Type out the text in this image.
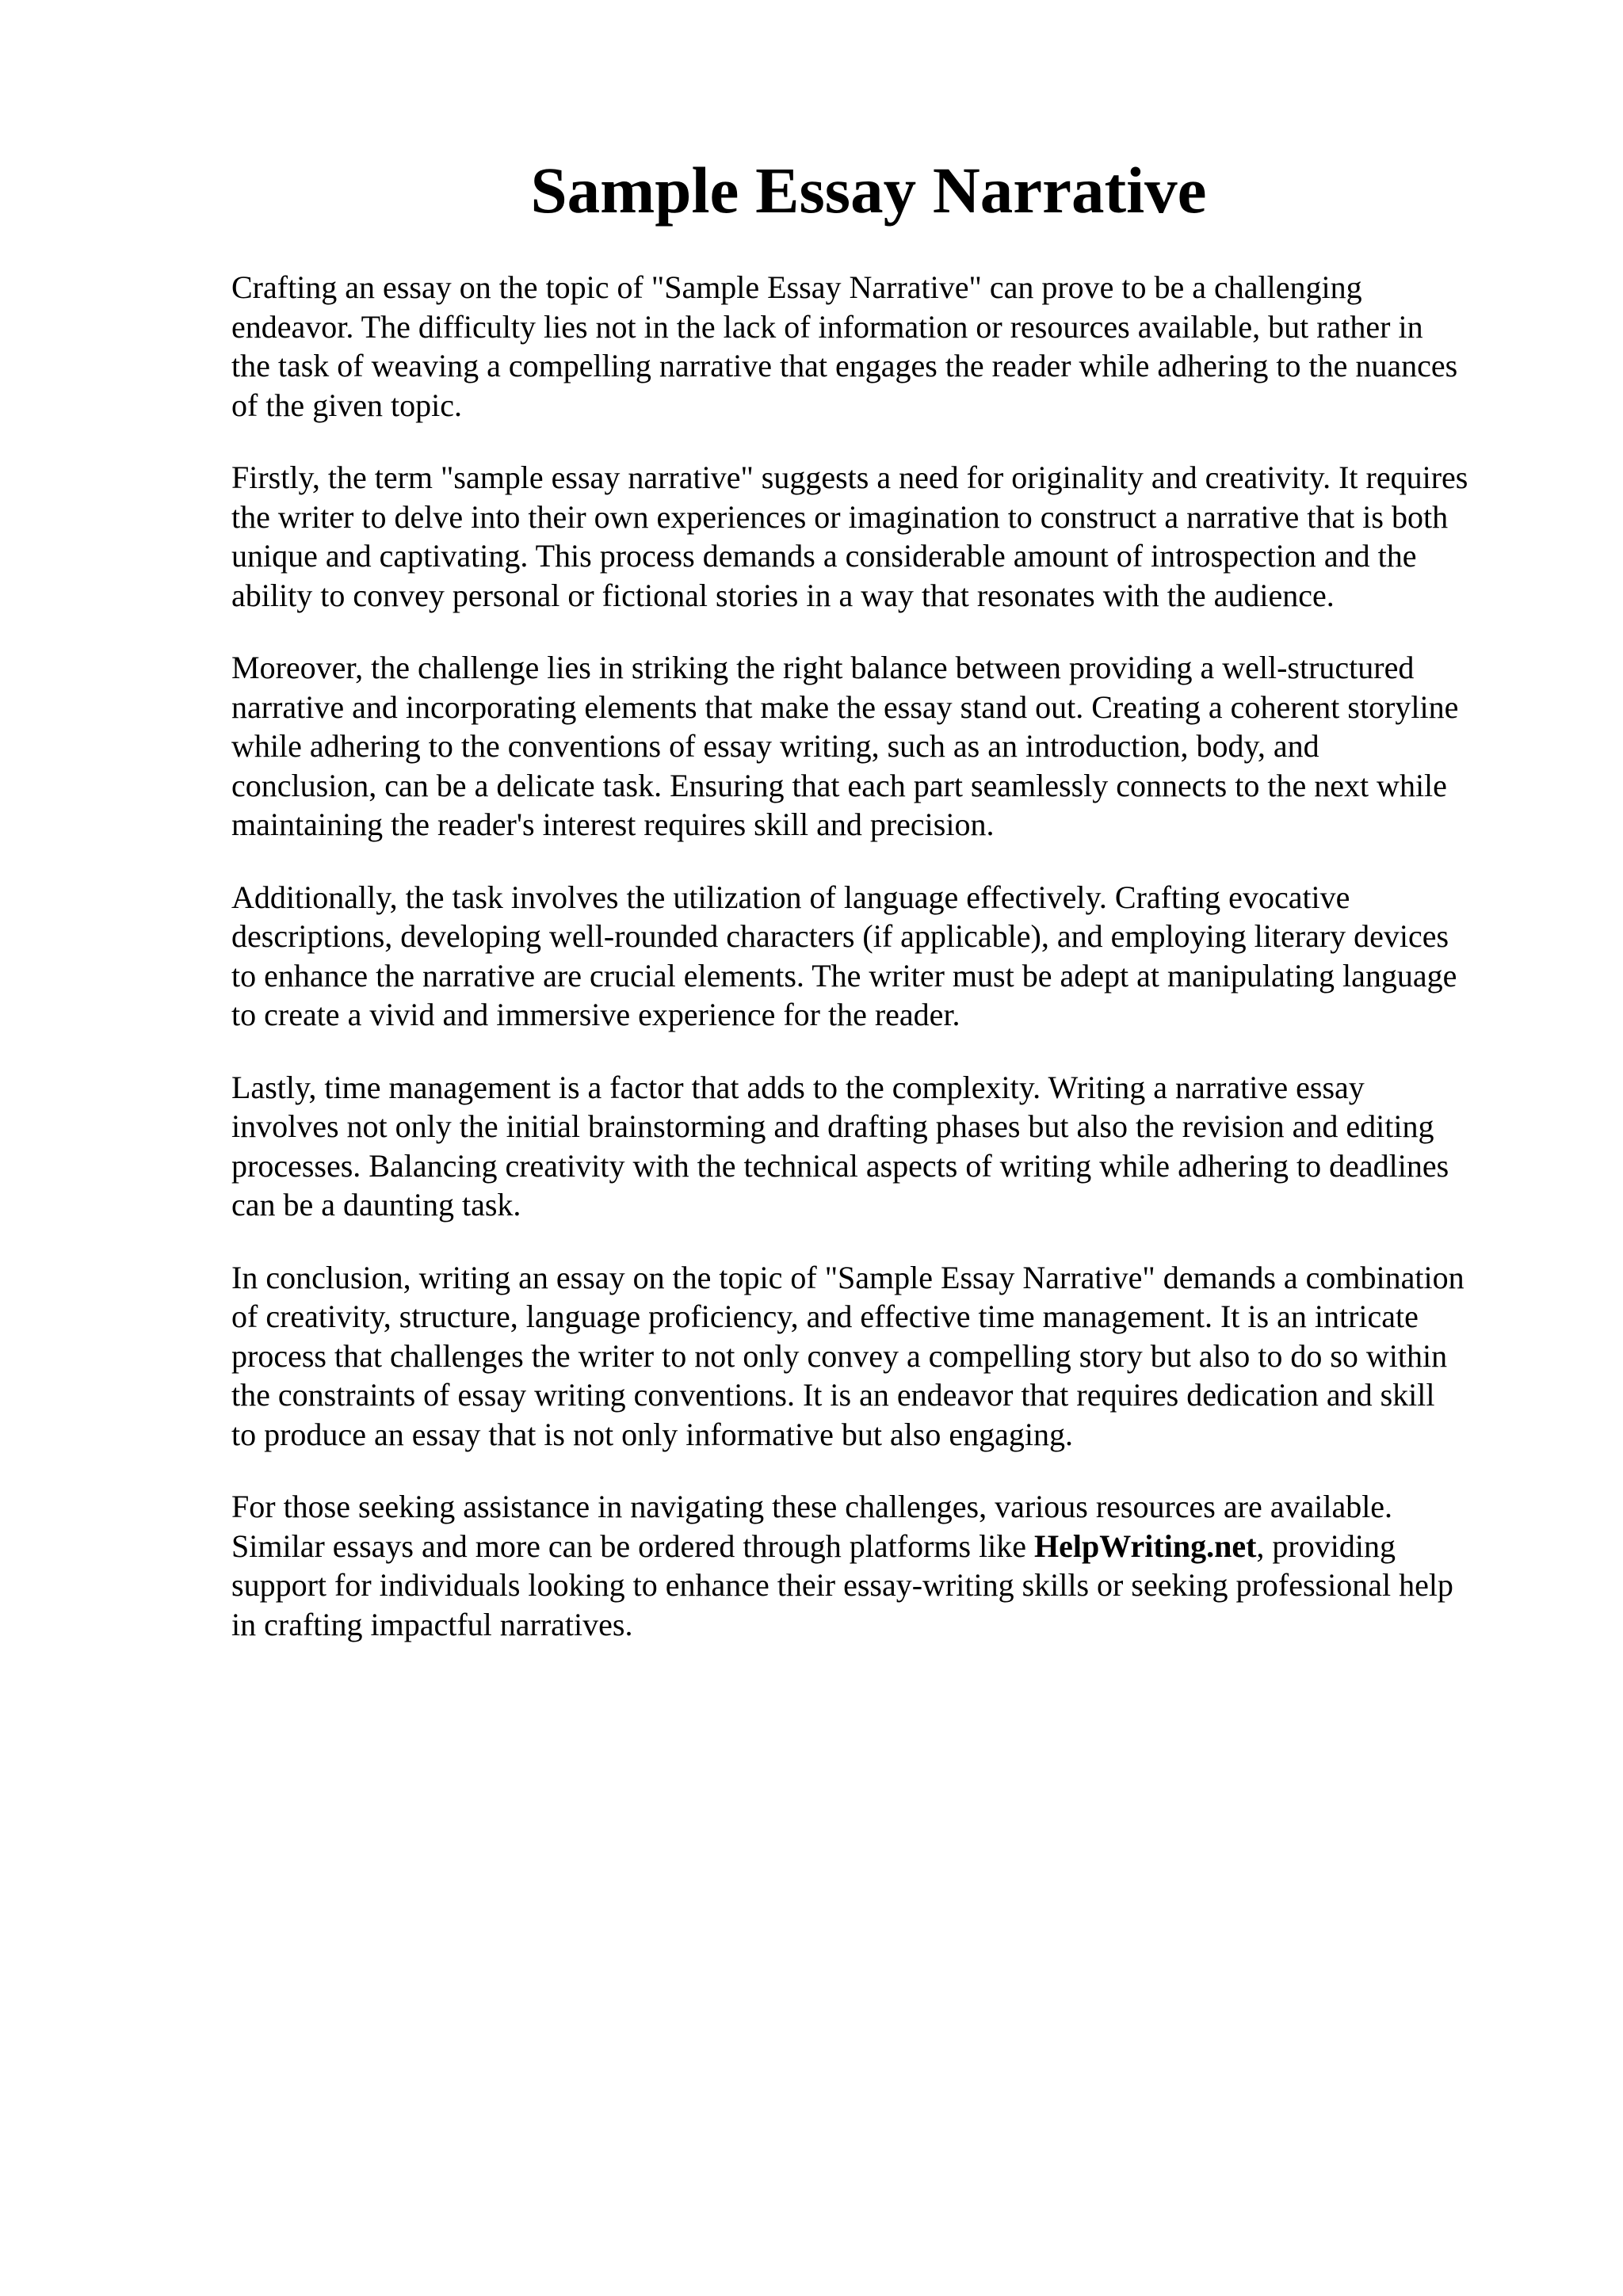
Sample Essay Narrative

Crafting an essay on the topic of "Sample Essay Narrative" can prove to be a challenging
endeavor. The difficulty lies not in the lack of information or resources available, but rather in
the task of weaving a compelling narrative that engages the reader while adhering to the nuances
of the given topic.

Firstly, the term "sample essay narrative" suggests a need for originality and creativity. It requires
the writer to delve into their own experiences or imagination to construct a narrative that is both
unique and captivating. This process demands a considerable amount of introspection and the
ability to convey personal or fictional stories in a way that resonates with the audience.

Moreover, the challenge lies in striking the right balance between providing a well-structured
narrative and incorporating elements that make the essay stand out. Creating a coherent storyline
while adhering to the conventions of essay writing, such as an introduction, body, and
conclusion, can be a delicate task. Ensuring that each part seamlessly connects to the next while
maintaining the reader's interest requires skill and precision.

Additionally, the task involves the utilization of language effectively. Crafting evocative
descriptions, developing well-rounded characters (if applicable), and employing literary devices
to enhance the narrative are crucial elements. The writer must be adept at manipulating language
to create a vivid and immersive experience for the reader.

Lastly, time management is a factor that adds to the complexity. Writing a narrative essay
involves not only the initial brainstorming and drafting phases but also the revision and editing
processes. Balancing creativity with the technical aspects of writing while adhering to deadlines
can be a daunting task.

In conclusion, writing an essay on the topic of "Sample Essay Narrative" demands a combination
of creativity, structure, language proficiency, and effective time management. It is an intricate
process that challenges the writer to not only convey a compelling story but also to do so within
the constraints of essay writing conventions. It is an endeavor that requires dedication and skill
to produce an essay that is not only informative but also engaging.

For those seeking assistance in navigating these challenges, various resources are available.
Similar essays and more can be ordered through platforms like HelpWriting.net, providing
support for individuals looking to enhance their essay-writing skills or seeking professional help
in crafting impactful narratives.
